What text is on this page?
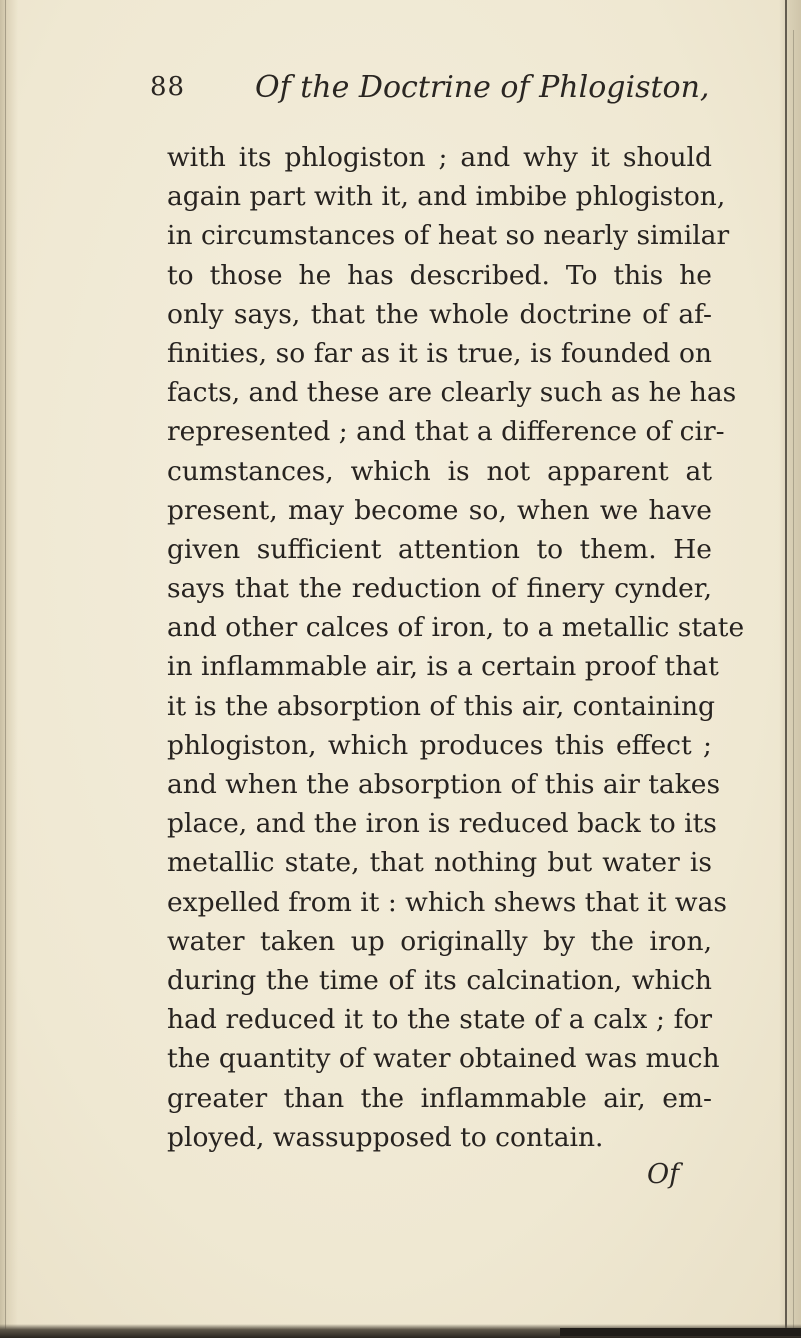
88 Of the Doctrine of Phlogiston,
with its phlogiston ; and why it should
again part with it, and imbibe phlogiston,
in circumstances of heat so nearly similar
to those he has described. To this he
only says, that the whole doctrine of af-
finities, so far as it is true, is founded on
facts, and these are clearly such as he has
represented ; and that a difference of cir-
cumstances, which is not apparent at
present, may become so, when we have
given sufficient attention to them. He
says that the reduction of finery cynder,
and other calces of iron, to a metallic state
in inflammable air, is a certain proof that
it is the absorption of this air, containing
phlogiston, which produces this effect ;
and when the absorption of this air takes
place, and the iron is reduced back to its
metallic state, that nothing but water is
expelled from it : which shews that it was
water taken up originally by the iron,
during the time of its calcination, which
had reduced it to the state of a calx ; for
the quantity of water obtained was much
greater than the inflammable air, em-
ployed, wassupposed to contain.
Of
